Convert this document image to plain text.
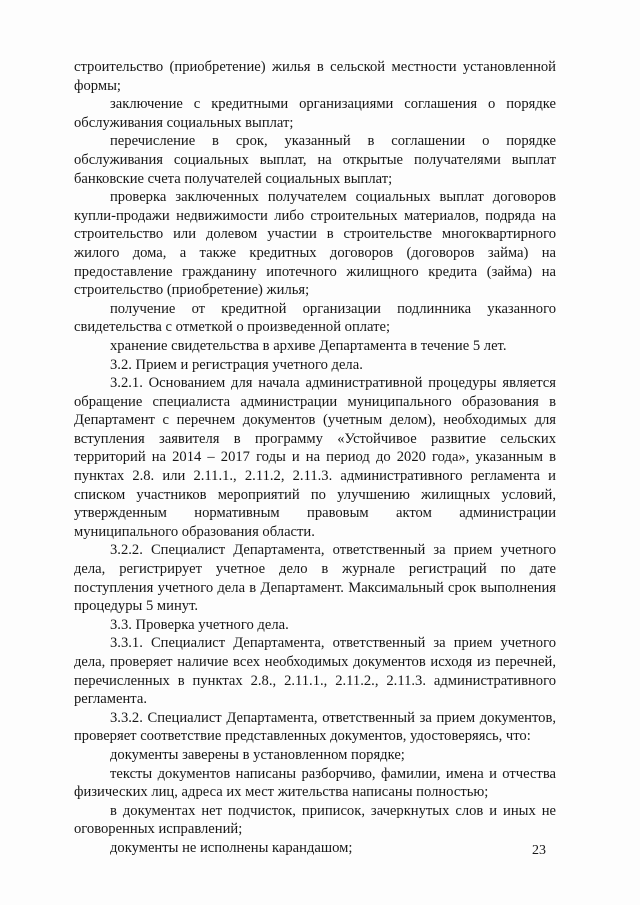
строительство (приобретение) жилья в сельской местности установленной формы;

заключение с кредитными организациями соглашения о порядке обслуживания социальных выплат;

перечисление в срок, указанный в соглашении о порядке обслуживания социальных выплат, на открытые получателями выплат банковские счета получателей социальных выплат;

проверка заключенных получателем социальных выплат договоров купли-продажи недвижимости либо строительных материалов, подряда на строительство или долевом участии в строительстве многоквартирного жилого дома, а также кредитных договоров (договоров займа) на предоставление гражданину ипотечного жилищного кредита (займа) на строительство (приобретение) жилья;

получение от кредитной организации подлинника указанного свидетельства с отметкой о произведенной оплате;

хранение свидетельства в архиве Департамента в течение 5 лет.

3.2. Прием и регистрация учетного дела.

3.2.1. Основанием для начала административной процедуры является обращение специалиста администрации муниципального образования в Департамент с перечнем документов (учетным делом), необходимых для вступления заявителя в программу «Устойчивое развитие сельских территорий на 2014 – 2017 годы и на период до 2020 года», указанным в пунктах 2.8. или 2.11.1., 2.11.2, 2.11.3. административного регламента и списком участников мероприятий по улучшению жилищных условий, утвержденным нормативным правовым актом администрации муниципального образования области.

3.2.2. Специалист Департамента, ответственный за прием учетного дела, регистрирует учетное дело в журнале регистраций по дате поступления учетного дела в Департамент. Максимальный срок выполнения процедуры 5 минут.

3.3. Проверка учетного дела.

3.3.1. Специалист Департамента, ответственный за прием учетного дела, проверяет наличие всех необходимых документов исходя из перечней, перечисленных в пунктах 2.8., 2.11.1., 2.11.2., 2.11.3. административного регламента.

3.3.2. Специалист Департамента, ответственный за прием документов, проверяет соответствие представленных документов, удостоверяясь, что:

документы заверены в установленном порядке;

тексты документов написаны разборчиво, фамилии, имена и отчества физических лиц, адреса их мест жительства написаны полностью;

в документах нет подчисток, приписок, зачеркнутых слов и иных не оговоренных исправлений;

документы не исполнены карандашом;	23
